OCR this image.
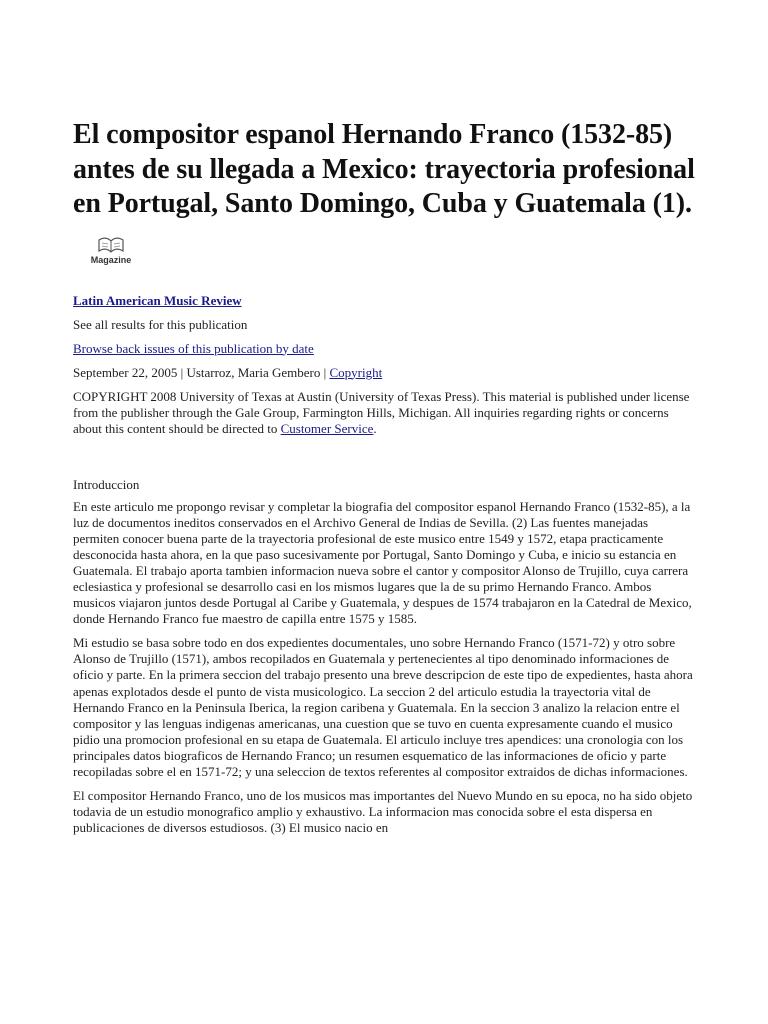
El compositor espanol Hernando Franco (1532-85) antes de su llegada a Mexico: trayectoria profesional en Portugal, Santo Domingo, Cuba y Guatemala (1).
Magazine

Latin American Music Review

See all results for this publication

Browse back issues of this publication by date

September 22, 2005 | Ustarroz, Maria Gembero | Copyright

COPYRIGHT 2008 University of Texas at Austin (University of Texas Press). This material is published under license from the publisher through the Gale Group, Farmington Hills, Michigan. All inquiries regarding rights or concerns about this content should be directed to Customer Service.

Introduccion

En este articulo me propongo revisar y completar la biografia del compositor espanol Hernando Franco (1532-85), a la luz de documentos ineditos conservados en el Archivo General de Indias de Sevilla. (2) Las fuentes manejadas permiten conocer buena parte de la trayectoria profesional de este musico entre 1549 y 1572, etapa practicamente desconocida hasta ahora, en la que paso sucesivamente por Portugal, Santo Domingo y Cuba, e inicio su estancia en Guatemala. El trabajo aporta tambien informacion nueva sobre el cantor y compositor Alonso de Trujillo, cuya carrera eclesiastica y profesional se desarrollo casi en los mismos lugares que la de su primo Hernando Franco. Ambos musicos viajaron juntos desde Portugal al Caribe y Guatemala, y despues de 1574 trabajaron en la Catedral de Mexico, donde Hernando Franco fue maestro de capilla entre 1575 y 1585.

Mi estudio se basa sobre todo en dos expedientes documentales, uno sobre Hernando Franco (1571-72) y otro sobre Alonso de Trujillo (1571), ambos recopilados en Guatemala y pertenecientes al tipo denominado informaciones de oficio y parte. En la primera seccion del trabajo presento una breve descripcion de este tipo de expedientes, hasta ahora apenas explotados desde el punto de vista musicologico. La seccion 2 del articulo estudia la trayectoria vital de Hernando Franco en la Peninsula Iberica, la region caribena y Guatemala. En la seccion 3 analizo la relacion entre el compositor y las lenguas indigenas americanas, una cuestion que se tuvo en cuenta expresamente cuando el musico pidio una promocion profesional en su etapa de Guatemala. El articulo incluye tres apendices: una cronologia con los principales datos biograficos de Hernando Franco; un resumen esquematico de las informaciones de oficio y parte recopiladas sobre el en 1571-72; y una seleccion de textos referentes al compositor extraidos de dichas informaciones.

El compositor Hernando Franco, uno de los musicos mas importantes del Nuevo Mundo en su epoca, no ha sido objeto todavia de un estudio monografico amplio y exhaustivo. La informacion mas conocida sobre el esta dispersa en publicaciones de diversos estudiosos. (3) El musico nacio en
